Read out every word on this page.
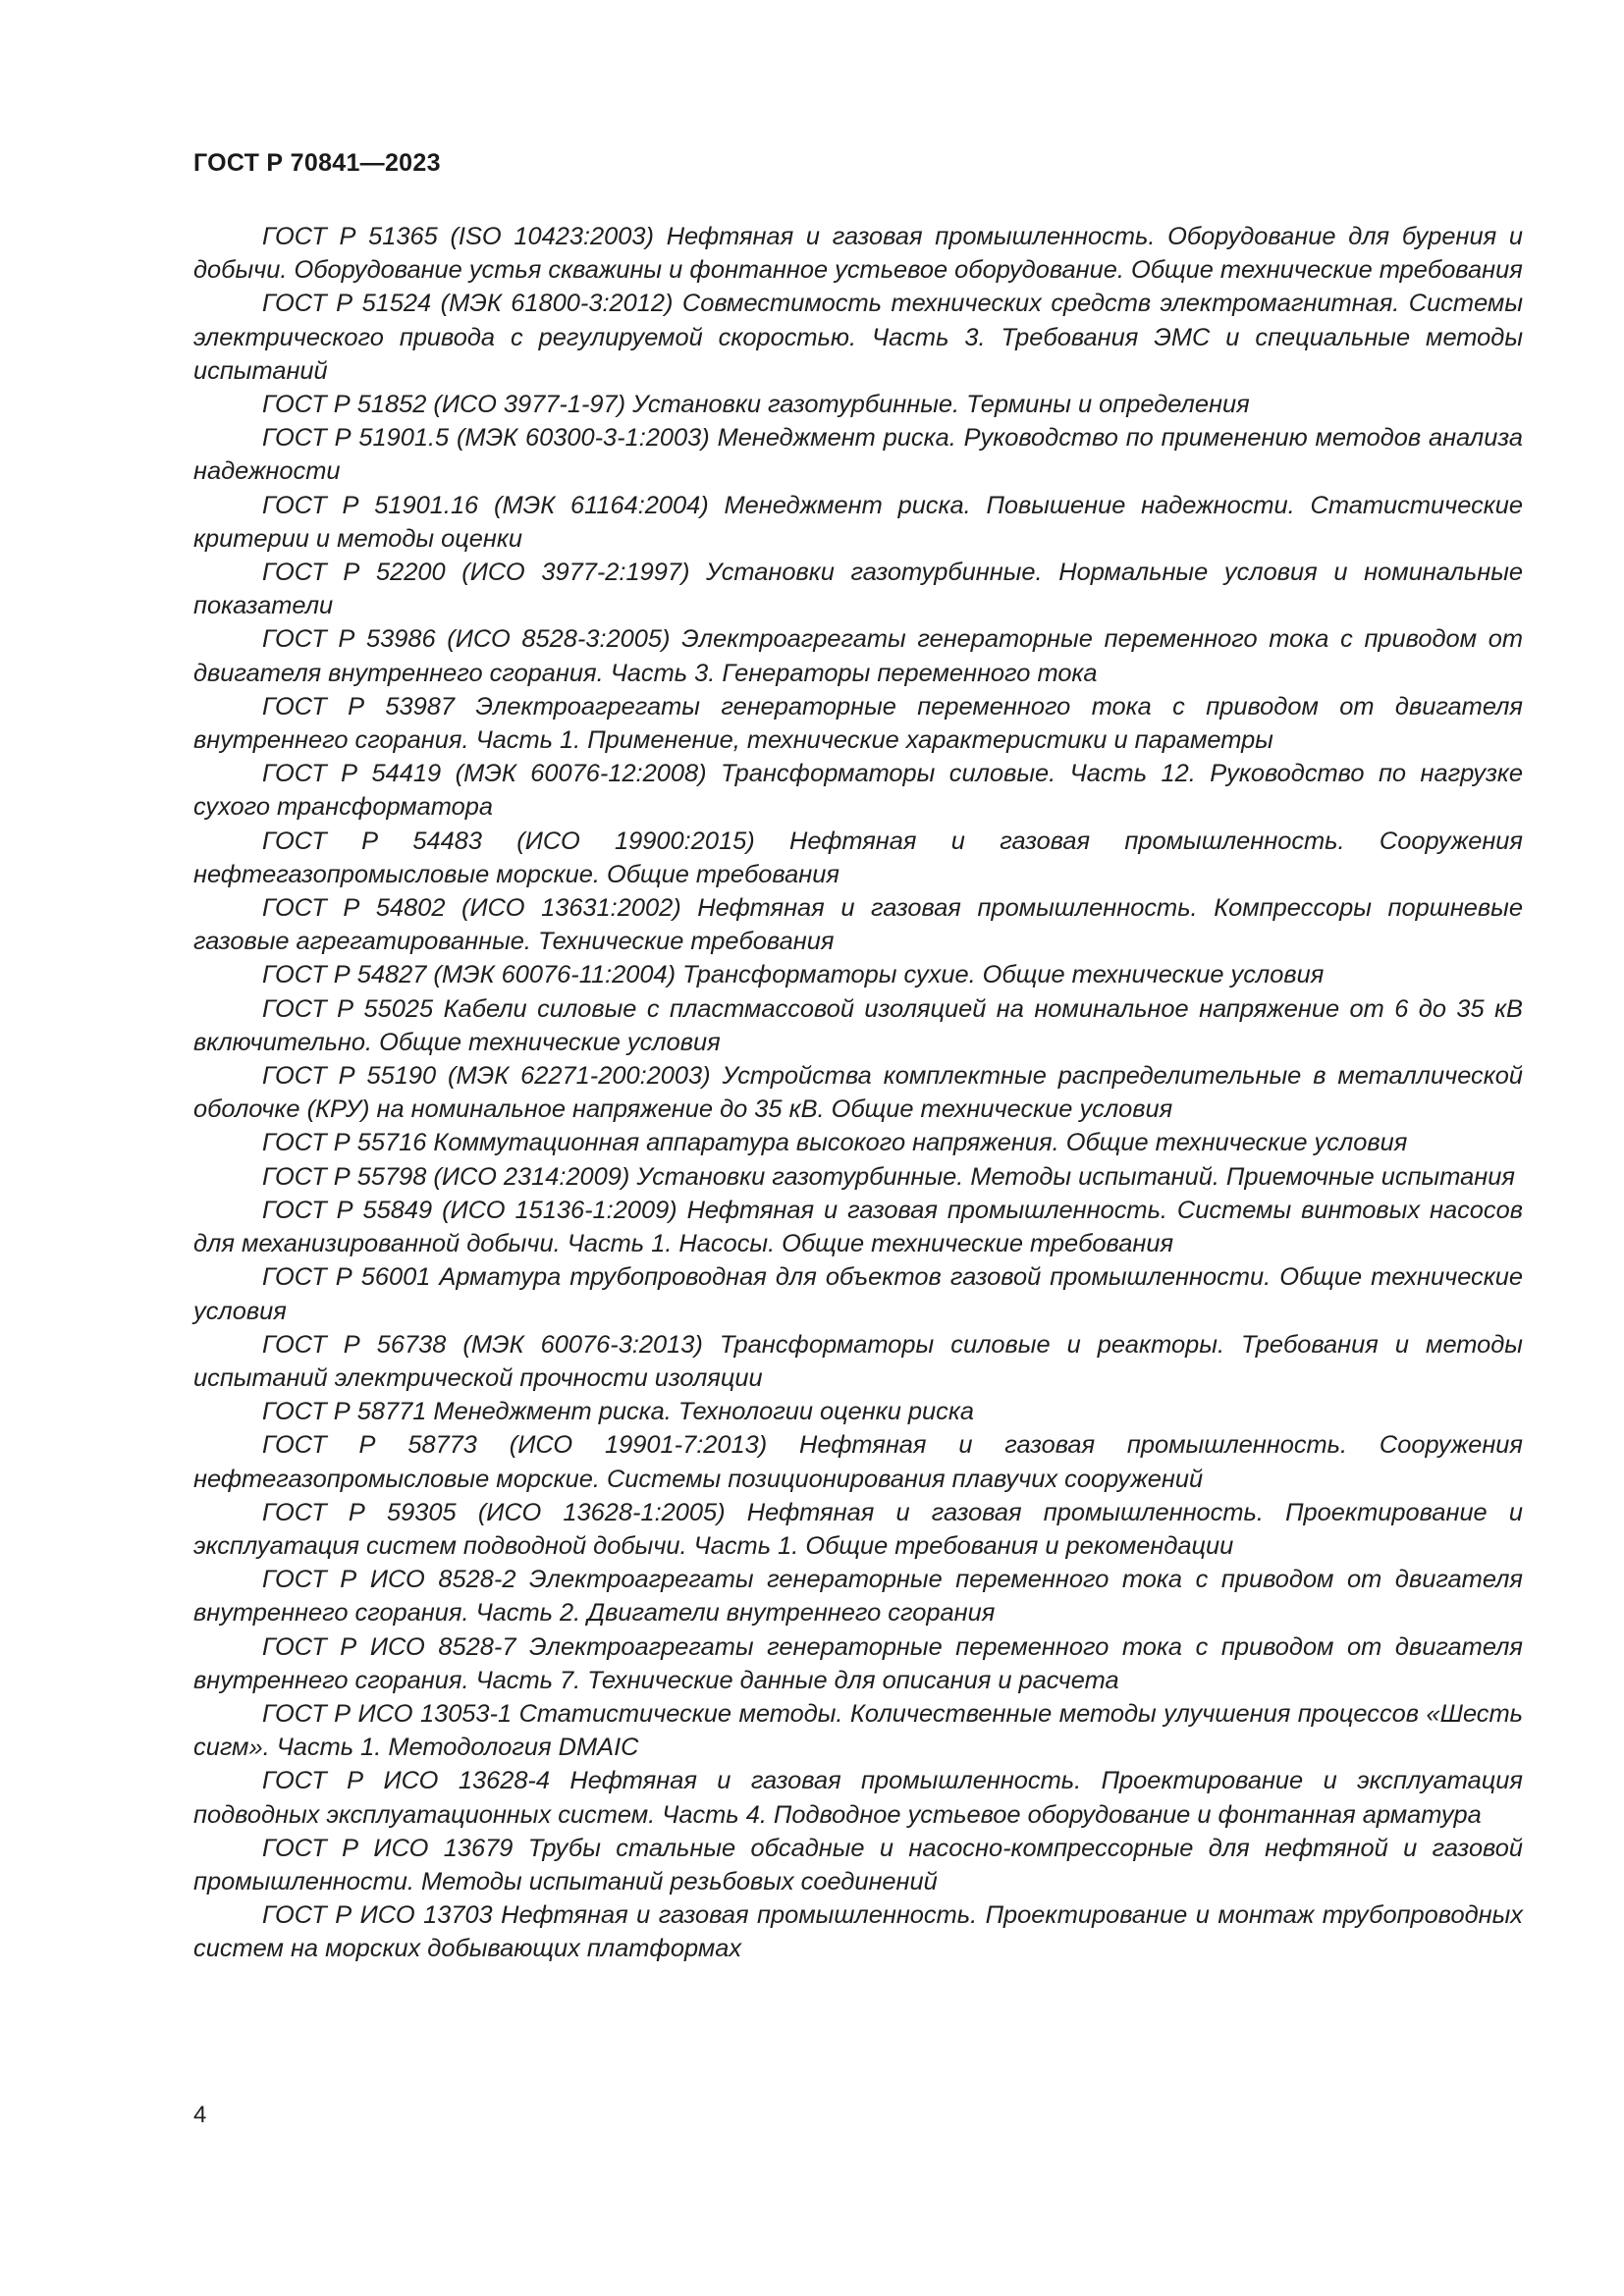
ГОСТ Р 70841—2023

ГОСТ Р 51365 (ISO 10423:2003) Нефтяная и газовая промышленность. Оборудование для бурения и добычи. Оборудование устья скважины и фонтанное устьевое оборудование. Общие технические требования

ГОСТ Р 51524 (МЭК 61800-3:2012) Совместимость технических средств электромагнитная. Системы электрического привода с регулируемой скоростью. Часть 3. Требования ЭМС и специальные методы испытаний

ГОСТ Р 51852 (ИСО 3977-1-97) Установки газотурбинные. Термины и определения

ГОСТ Р 51901.5 (МЭК 60300-3-1:2003) Менеджмент риска. Руководство по применению методов анализа надежности

ГОСТ Р 51901.16 (МЭК 61164:2004) Менеджмент риска. Повышение надежности. Статистические критерии и методы оценки

ГОСТ Р 52200 (ИСО 3977-2:1997) Установки газотурбинные. Нормальные условия и номинальные показатели

ГОСТ Р 53986 (ИСО 8528-3:2005) Электроагрегаты генераторные переменного тока с приводом от двигателя внутреннего сгорания. Часть 3. Генераторы переменного тока

ГОСТ Р 53987 Электроагрегаты генераторные переменного тока с приводом от двигателя внутреннего сгорания. Часть 1. Применение, технические характеристики и параметры

ГОСТ Р 54419 (МЭК 60076-12:2008) Трансформаторы силовые. Часть 12. Руководство по нагрузке сухого трансформатора

ГОСТ Р 54483 (ИСО 19900:2015) Нефтяная и газовая промышленность. Сооружения нефтегазопромысловые морские. Общие требования

ГОСТ Р 54802 (ИСО 13631:2002) Нефтяная и газовая промышленность. Компрессоры поршневые газовые агрегатированные. Технические требования

ГОСТ Р 54827 (МЭК 60076-11:2004) Трансформаторы сухие. Общие технические условия

ГОСТ Р 55025 Кабели силовые с пластмассовой изоляцией на номинальное напряжение от 6 до 35 кВ включительно. Общие технические условия

ГОСТ Р 55190 (МЭК 62271-200:2003) Устройства комплектные распределительные в металлической оболочке (КРУ) на номинальное напряжение до 35 кВ. Общие технические условия

ГОСТ Р 55716 Коммутационная аппаратура высокого напряжения. Общие технические условия

ГОСТ Р 55798 (ИСО 2314:2009) Установки газотурбинные. Методы испытаний. Приемочные испытания

ГОСТ Р 55849 (ИСО 15136-1:2009) Нефтяная и газовая промышленность. Системы винтовых насосов для механизированной добычи. Часть 1. Насосы. Общие технические требования

ГОСТ Р 56001 Арматура трубопроводная для объектов газовой промышленности. Общие технические условия

ГОСТ Р 56738 (МЭК 60076-3:2013) Трансформаторы силовые и реакторы. Требования и методы испытаний электрической прочности изоляции

ГОСТ Р 58771 Менеджмент риска. Технологии оценки риска

ГОСТ Р 58773 (ИСО 19901-7:2013) Нефтяная и газовая промышленность. Сооружения нефтегазопромысловые морские. Системы позиционирования плавучих сооружений

ГОСТ Р 59305 (ИСО 13628-1:2005) Нефтяная и газовая промышленность. Проектирование и эксплуатация систем подводной добычи. Часть 1. Общие требования и рекомендации

ГОСТ Р ИСО 8528-2 Электроагрегаты генераторные переменного тока с приводом от двигателя внутреннего сгорания. Часть 2. Двигатели внутреннего сгорания

ГОСТ Р ИСО 8528-7 Электроагрегаты генераторные переменного тока с приводом от двигателя внутреннего сгорания. Часть 7. Технические данные для описания и расчета

ГОСТ Р ИСО 13053-1 Статистические методы. Количественные методы улучшения процессов «Шесть сигм». Часть 1. Методология DMAIC

ГОСТ Р ИСО 13628-4 Нефтяная и газовая промышленность. Проектирование и эксплуатация подводных эксплуатационных систем. Часть 4. Подводное устьевое оборудование и фонтанная арматура

ГОСТ Р ИСО 13679 Трубы стальные обсадные и насосно-компрессорные для нефтяной и газовой промышленности. Методы испытаний резьбовых соединений

ГОСТ Р ИСО 13703 Нефтяная и газовая промышленность. Проектирование и монтаж трубопроводных систем на морских добывающих платформах

4
